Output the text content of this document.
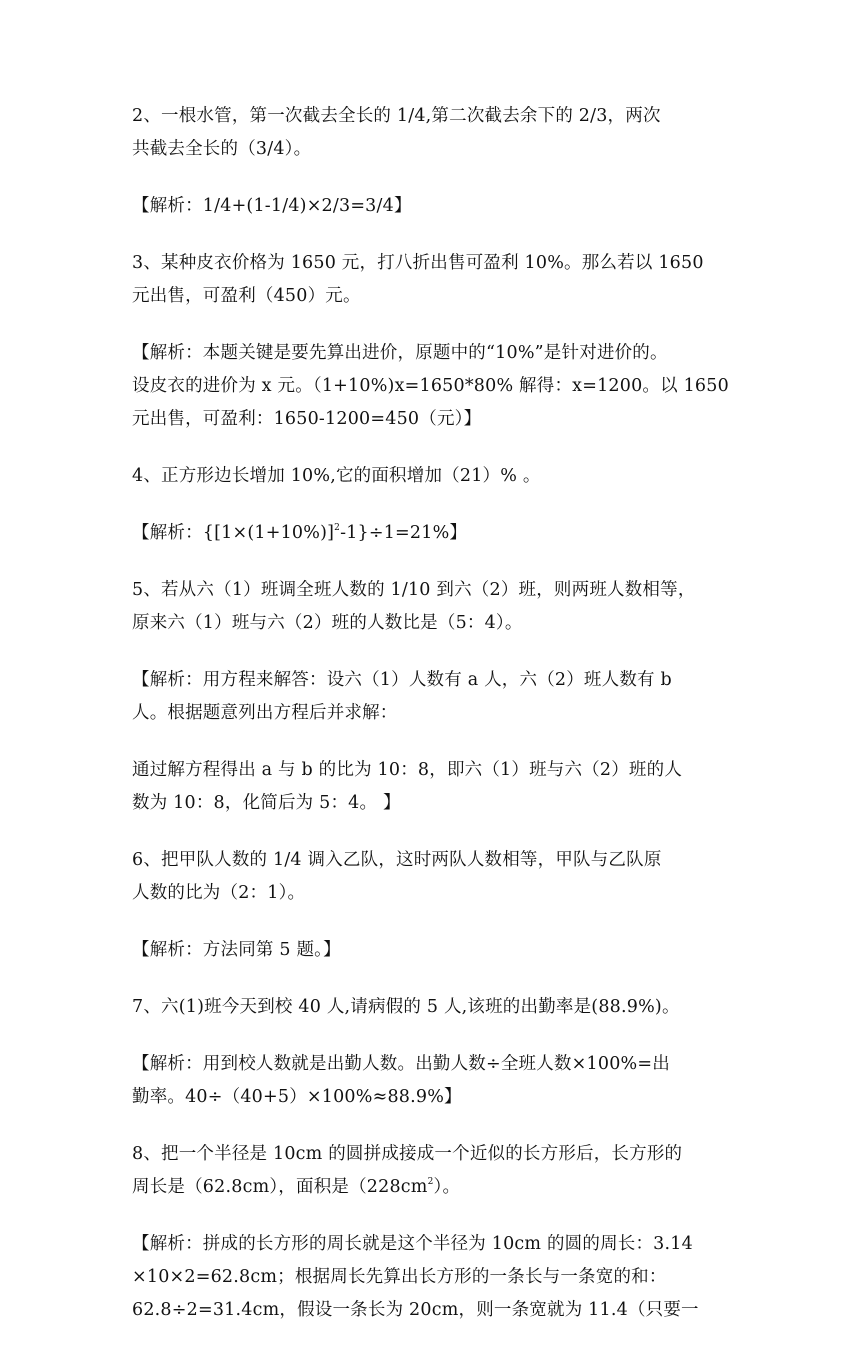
2、一根水管，第一次截去全长的 1/4,第二次截去余下的 2/3，两次
共截去全长的（3/4）。

【解析：1/4+(1-1/4)×2/3=3/4】

3、某种皮衣价格为 1650 元，打八折出售可盈利 10%。那么若以 1650
元出售，可盈利（450）元。

【解析：本题关键是要先算出进价，原题中的“10%”是针对进价的。
设皮衣的进价为 x 元。（1+10%)x=1650*80% 解得：x=1200。以 1650
元出售，可盈利：1650-1200=450（元）】

4、正方形边长增加 10%,它的面积增加（21）% 。

【解析：$\{[1\times(1+10\%)]^2-1\}\div 1=21\%$】

5、若从六（1）班调全班人数的 1/10 到六（2）班，则两班人数相等，
原来六（1）班与六（2）班的人数比是（5：4）。

【解析：用方程来解答：设六（1）人数有 a 人，六（2）班人数有 b
人。根据题意列出方程后并求解：

通过解方程得出 a 与 b 的比为 10：8，即六（1）班与六（2）班的人
数为 10：8，化简后为 5：4。 】

6、把甲队人数的 1/4 调入乙队，这时两队人数相等，甲队与乙队原
人数的比为（2：1）。

【解析：方法同第 5 题。】

7、六(1)班今天到校 40 人,请病假的 5 人,该班的出勤率是(88.9%)。

【解析：用到校人数就是出勤人数。出勤人数÷全班人数×100%=出
勤率。40÷（40+5）×100%≈88.9%】

8、把一个半径是 10cm 的圆拼成接成一个近似的长方形后，长方形的
周长是（62.8cm），面积是$(228cm^2)$。

【解析：拼成的长方形的周长就是这个半径为 10cm 的圆的周长：3.14
×10×2=62.8cm；根据周长先算出长方形的一条长与一条宽的和：
62.8÷2=31.4cm，假设一条长为 20cm，则一条宽就为 11.4（只要一
